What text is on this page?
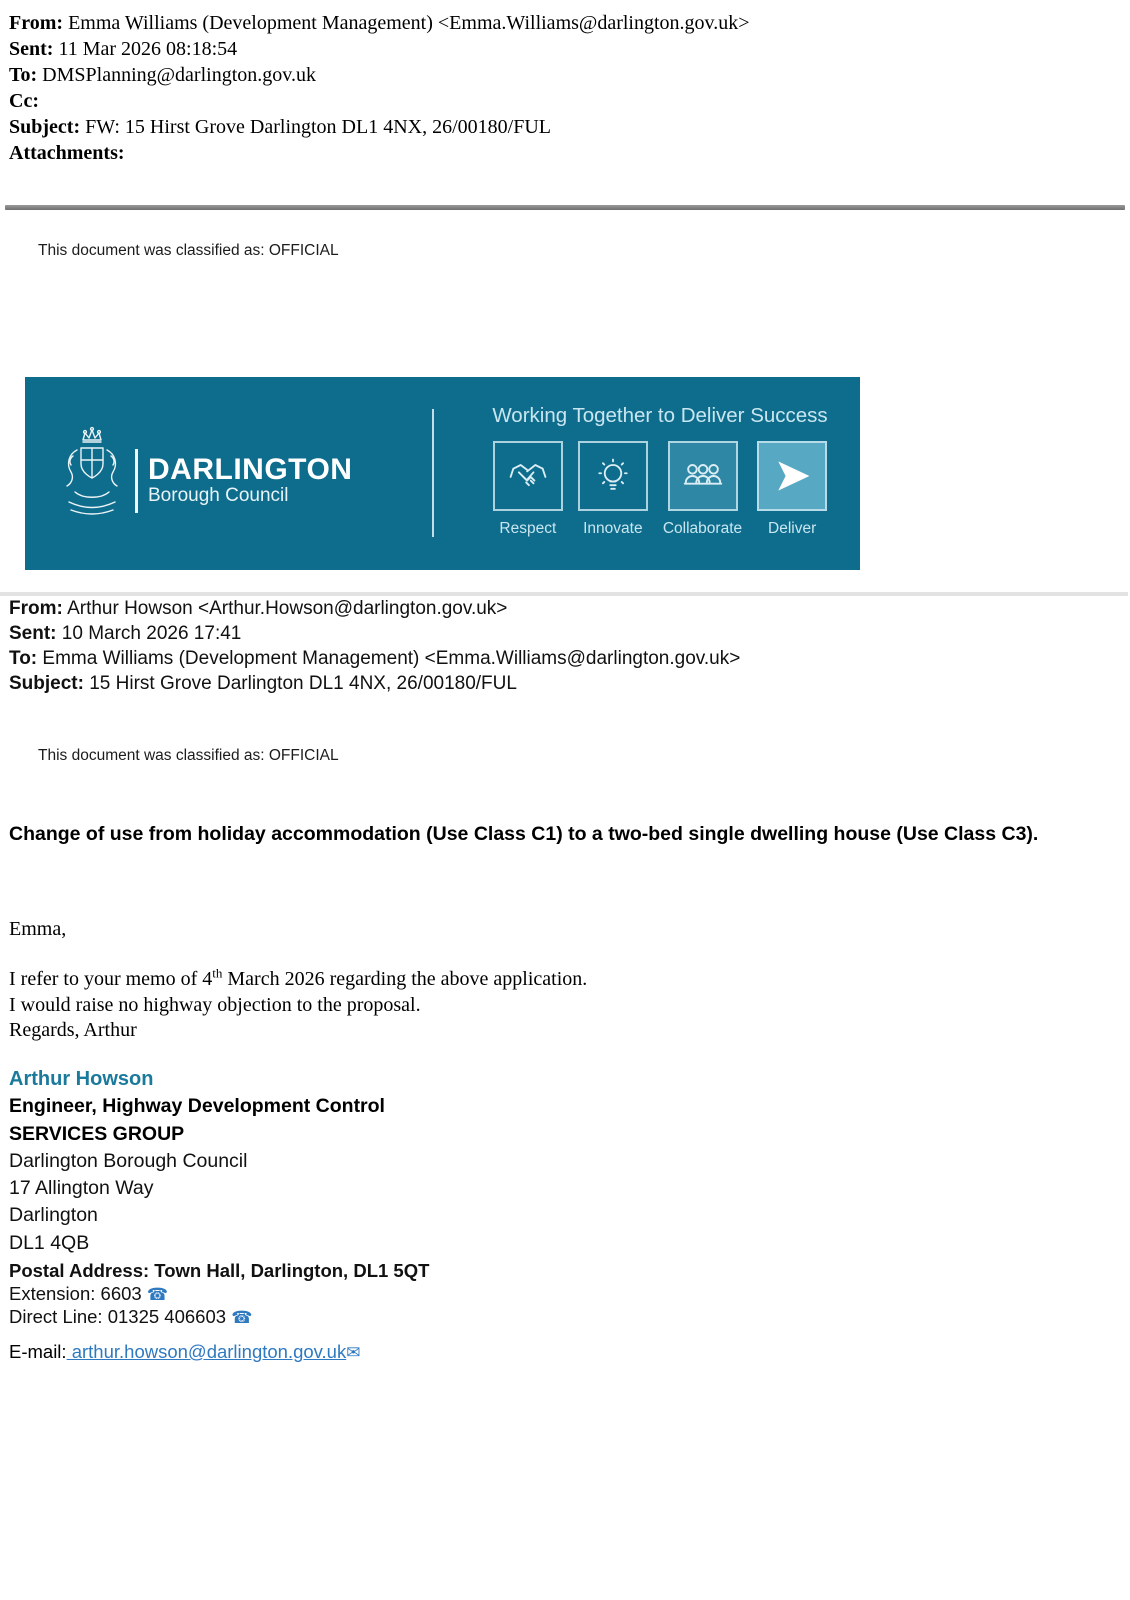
From: Emma Williams (Development Management) <Emma.Williams@darlington.gov.uk>
Sent: 11 Mar 2026 08:18:54
To: DMSPlanning@darlington.gov.uk
Cc:
Subject: FW: 15 Hirst Grove Darlington DL1 4NX, 26/00180/FUL
Attachments:
This document was classified as: OFFICIAL
DARLINGTON
Borough Council
Working Together to Deliver Success
Respect Innovate Collaborate Deliver
From: Arthur Howson <Arthur.Howson@darlington.gov.uk>
Sent: 10 March 2026 17:41
To: Emma Williams (Development Management) <Emma.Williams@darlington.gov.uk>
Subject: 15 Hirst Grove Darlington DL1 4NX, 26/00180/FUL
This document was classified as: OFFICIAL
Change of use from holiday accommodation (Use Class C1) to a two-bed single dwelling house (Use Class C3).
Emma,
I refer to your memo of 4th March 2026 regarding the above application.
I would raise no highway objection to the proposal.
Regards, Arthur
Arthur Howson
Engineer, Highway Development Control
SERVICES GROUP
Darlington Borough Council
17 Allington Way
Darlington
DL1 4QB
Postal Address: Town Hall, Darlington, DL1 5QT
Extension: 6603 ☎
Direct Line: 01325 406603 ☎
E-mail: arthur.howson@darlington.gov.uk✉
